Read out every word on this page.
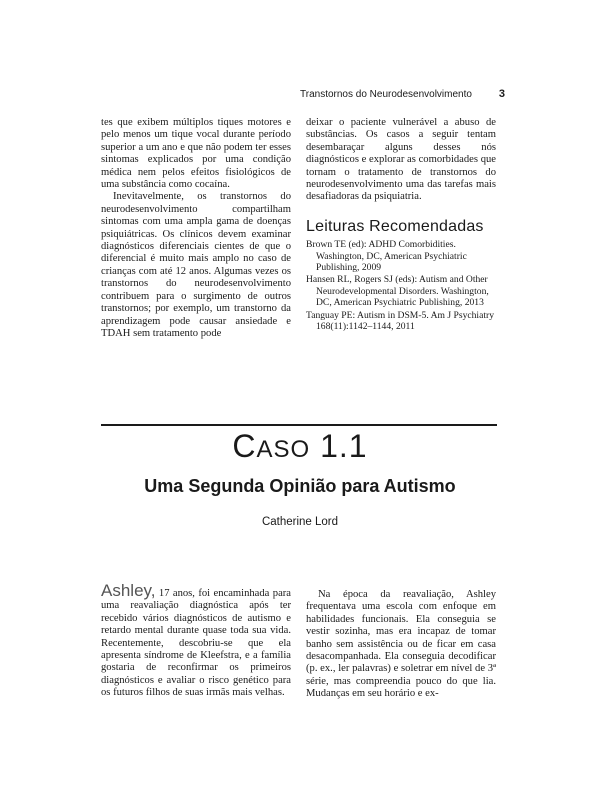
Transtornos do Neurodesenvolvimento 3

tes que exibem múltiplos tiques motores e pelo menos um tique vocal durante período superior a um ano e que não podem ter esses sintomas explicados por uma condição médica nem pelos efeitos fisiológicos de uma substância como cocaína.

Inevitavelmente, os transtornos do neurodesenvolvimento compartilham sintomas com uma ampla gama de doenças psiquiátricas. Os clínicos devem examinar diagnósticos diferenciais cientes de que o diferencial é muito mais amplo no caso de crianças com até 12 anos. Algumas vezes os transtornos do neurodesenvolvimento contribuem para o surgimento de outros transtornos; por exemplo, um transtorno da aprendizagem pode causar ansiedade e TDAH sem tratamento pode

deixar o paciente vulnerável a abuso de substâncias. Os casos a seguir tentam desembaraçar alguns desses nós diagnósticos e explorar as comorbidades que tornam o tratamento de transtornos do neurodesenvolvimento uma das tarefas mais desafiadoras da psiquiatria.

Leituras Recomendadas
Brown TE (ed): ADHD Comorbidities. Washington, DC, American Psychiatric Publishing, 2009
Hansen RL, Rogers SJ (eds): Autism and Other Neurodevelopmental Disorders. Washington, DC, American Psychiatric Publishing, 2013
Tanguay PE: Autism in DSM-5. Am J Psychiatry 168(11):1142–1144, 2011
CASO 1.1
Uma Segunda Opinião para Autismo
Catherine Lord

Ashley, 17 anos, foi encaminhada para uma reavaliação diagnóstica após ter recebido vários diagnósticos de autismo e retardo mental durante quase toda sua vida. Recentemente, descobriu-se que ela apresenta síndrome de Kleefstra, e a família gostaria de reconfirmar os primeiros diagnósticos e avaliar o risco genético para os futuros filhos de suas irmãs mais velhas.

Na época da reavaliação, Ashley frequentava uma escola com enfoque em habilidades funcionais. Ela conseguia se vestir sozinha, mas era incapaz de tomar banho sem assistência ou de ficar em casa desacompanhada. Ela conseguia decodificar (p. ex., ler palavras) e soletrar em nível de 3ª série, mas compreendia pouco do que lia. Mudanças em seu horário e ex-
